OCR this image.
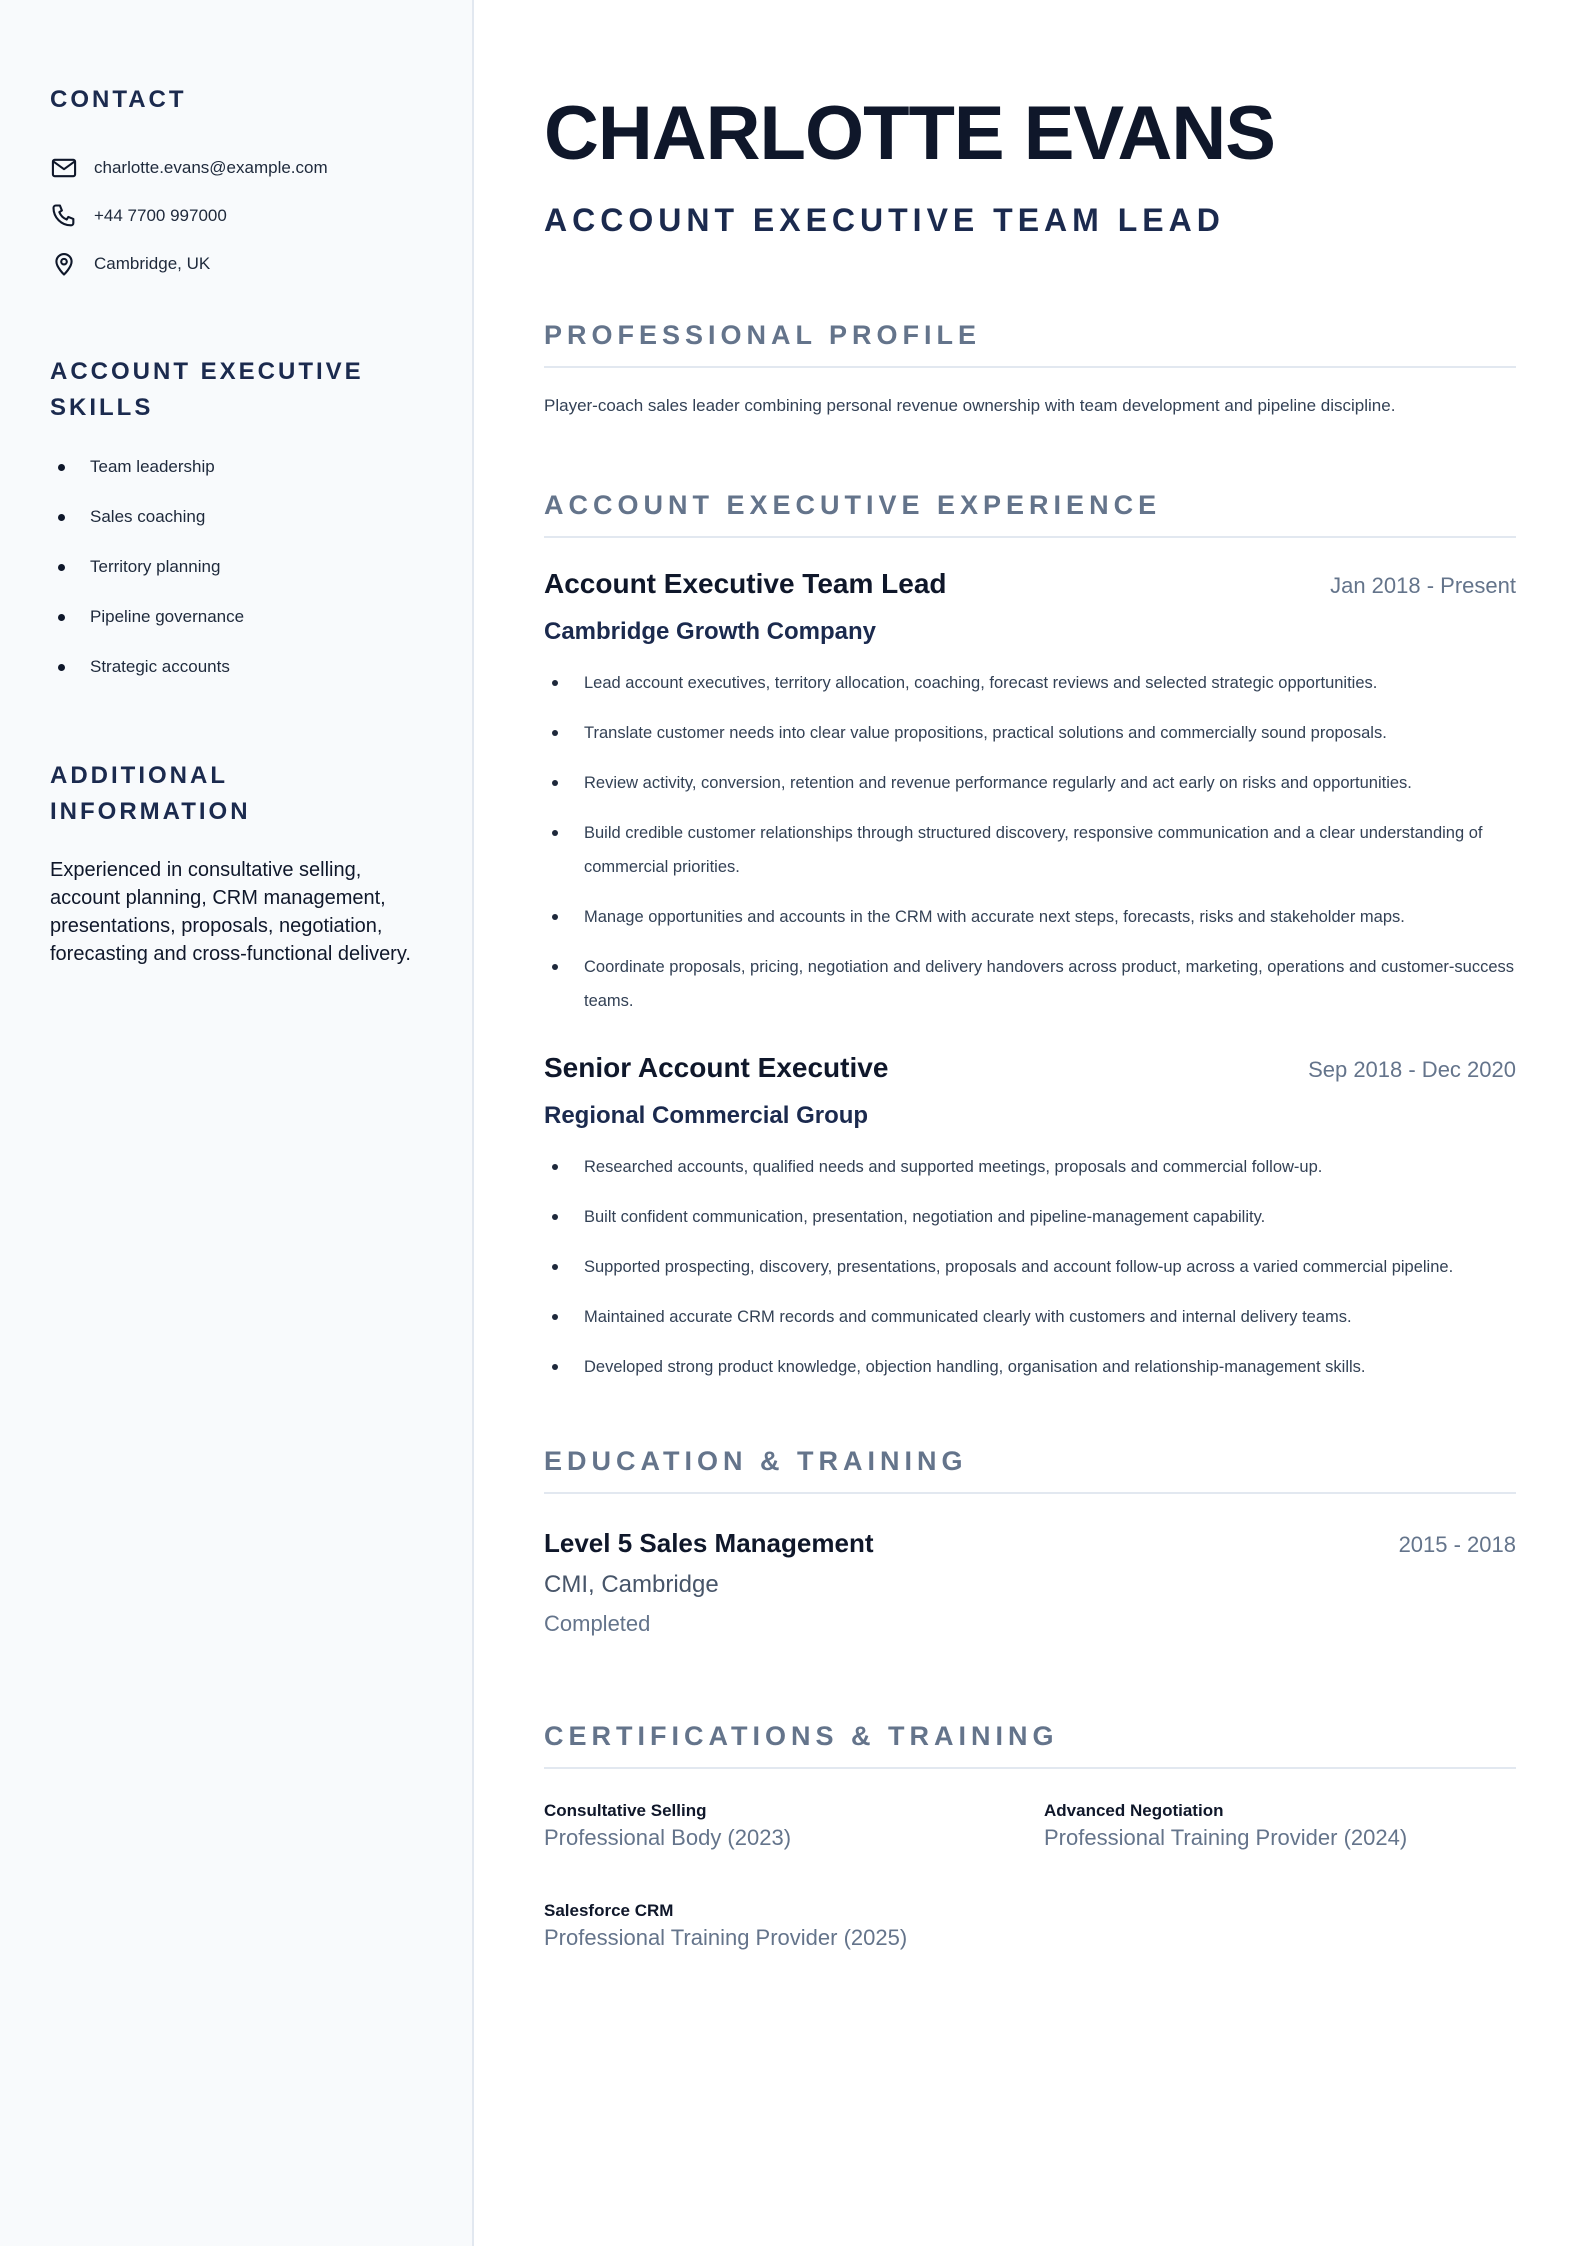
CONTACT
charlotte.evans@example.com
+44 7700 997000
Cambridge, UK
ACCOUNT EXECUTIVE
SKILLS
Team leadership
Sales coaching
Territory planning
Pipeline governance
Strategic accounts
ADDITIONAL INFORMATION
Experienced in consultative selling, account planning, CRM management, presentations, proposals, negotiation, forecasting and cross-functional delivery.
CHARLOTTE EVANS
ACCOUNT EXECUTIVE TEAM LEAD
PROFESSIONAL PROFILE
Player-coach sales leader combining personal revenue ownership with team development and pipeline discipline.
ACCOUNT EXECUTIVE EXPERIENCE
Account Executive Team Lead	Jan 2018 - Present
Cambridge Growth Company
Lead account executives, territory allocation, coaching, forecast reviews and selected strategic opportunities.
Translate customer needs into clear value propositions, practical solutions and commercially sound proposals.
Review activity, conversion, retention and revenue performance regularly and act early on risks and opportunities.
Build credible customer relationships through structured discovery, responsive communication and a clear understanding of commercial priorities.
Manage opportunities and accounts in the CRM with accurate next steps, forecasts, risks and stakeholder maps.
Coordinate proposals, pricing, negotiation and delivery handovers across product, marketing, operations and customer-success teams.
Senior Account Executive	Sep 2018 - Dec 2020
Regional Commercial Group
Researched accounts, qualified needs and supported meetings, proposals and commercial follow-up.
Built confident communication, presentation, negotiation and pipeline-management capability.
Supported prospecting, discovery, presentations, proposals and account follow-up across a varied commercial pipeline.
Maintained accurate CRM records and communicated clearly with customers and internal delivery teams.
Developed strong product knowledge, objection handling, organisation and relationship-management skills.
EDUCATION & TRAINING
Level 5 Sales Management	2015 - 2018
CMI, Cambridge
Completed
CERTIFICATIONS & TRAINING
Consultative Selling
Professional Body (2023)
Advanced Negotiation
Professional Training Provider (2024)
Salesforce CRM
Professional Training Provider (2025)
